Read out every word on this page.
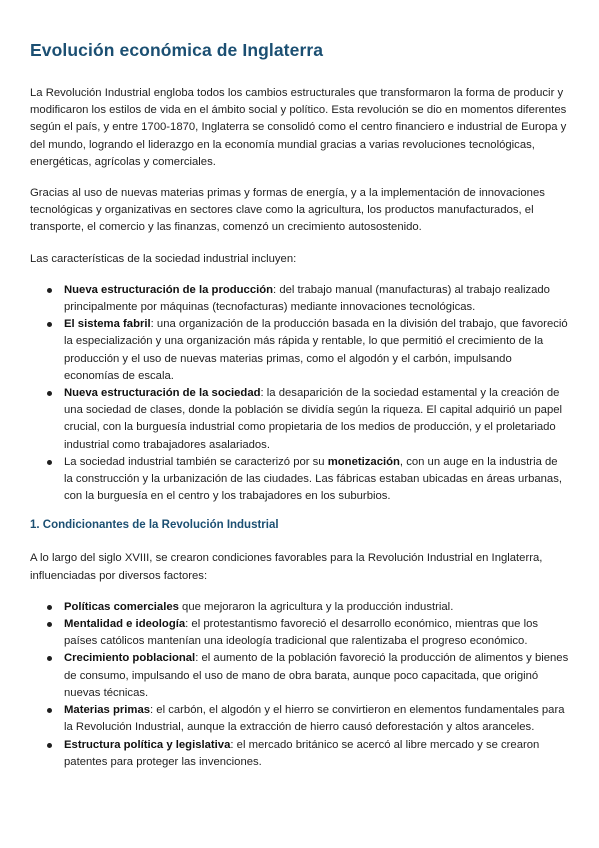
Evolución económica de Inglaterra

La Revolución Industrial engloba todos los cambios estructurales que transformaron la forma de producir y modificaron los estilos de vida en el ámbito social y político. Esta revolución se dio en momentos diferentes según el país, y entre 1700-1870, Inglaterra se consolidó como el centro financiero e industrial de Europa y del mundo, logrando el liderazgo en la economía mundial gracias a varias revoluciones tecnológicas, energéticas, agrícolas y comerciales.

Gracias al uso de nuevas materias primas y formas de energía, y a la implementación de innovaciones tecnológicas y organizativas en sectores clave como la agricultura, los productos manufacturados, el transporte, el comercio y las finanzas, comenzó un crecimiento autosostenido.

Las características de la sociedad industrial incluyen:

Nueva estructuración de la producción: del trabajo manual (manufacturas) al trabajo realizado principalmente por máquinas (tecnofacturas) mediante innovaciones tecnológicas.
El sistema fabril: una organización de la producción basada en la división del trabajo, que favoreció la especialización y una organización más rápida y rentable, lo que permitió el crecimiento de la producción y el uso de nuevas materias primas, como el algodón y el carbón, impulsando economías de escala.
Nueva estructuración de la sociedad: la desaparición de la sociedad estamental y la creación de una sociedad de clases, donde la población se dividía según la riqueza. El capital adquirió un papel crucial, con la burguesía industrial como propietaria de los medios de producción, y el proletariado industrial como trabajadores asalariados.
La sociedad industrial también se caracterizó por su monetización, con un auge en la industria de la construcción y la urbanización de las ciudades. Las fábricas estaban ubicadas en áreas urbanas, con la burguesía en el centro y los trabajadores en los suburbios.
1. Condicionantes de la Revolución Industrial

A lo largo del siglo XVIII, se crearon condiciones favorables para la Revolución Industrial en Inglaterra, influenciadas por diversos factores:

Políticas comerciales que mejoraron la agricultura y la producción industrial.
Mentalidad e ideología: el protestantismo favoreció el desarrollo económico, mientras que los países católicos mantenían una ideología tradicional que ralentizaba el progreso económico.
Crecimiento poblacional: el aumento de la población favoreció la producción de alimentos y bienes de consumo, impulsando el uso de mano de obra barata, aunque poco capacitada, que originó nuevas técnicas.
Materias primas: el carbón, el algodón y el hierro se convirtieron en elementos fundamentales para la Revolución Industrial, aunque la extracción de hierro causó deforestación y altos aranceles.
Estructura política y legislativa: el mercado británico se acercó al libre mercado y se crearon patentes para proteger las invenciones.
